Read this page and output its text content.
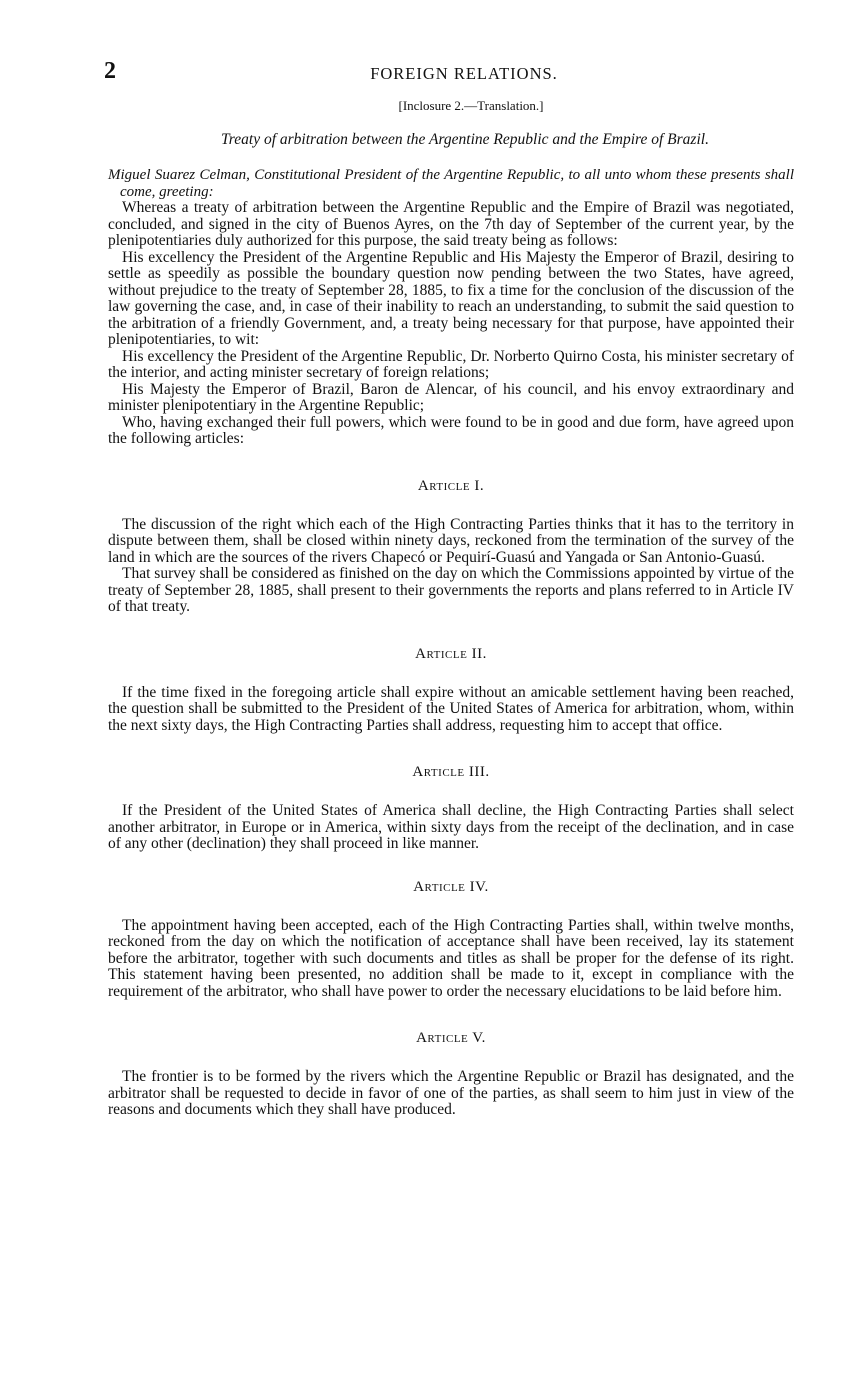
2	FOREIGN RELATIONS.
[Inclosure 2.—Translation.]
Treaty of arbitration between the Argentine Republic and the Empire of Brazil.
Miguel Suarez Celman, Constitutional President of the Argentine Republic, to all unto whom these presents shall come, greeting:

Whereas a treaty of arbitration between the Argentine Republic and the Empire of Brazil was negotiated, concluded, and signed in the city of Buenos Ayres, on the 7th day of September of the current year, by the plenipotentiaries duly authorized for this purpose, the said treaty being as follows:

His excellency the President of the Argentine Republic and His Majesty the Emperor of Brazil, desiring to settle as speedily as possible the boundary question now pending between the two States, have agreed, without prejudice to the treaty of September 28, 1885, to fix a time for the conclusion of the discussion of the law governing the case, and, in case of their inability to reach an understanding, to submit the said question to the arbitration of a friendly Government, and, a treaty being necessary for that purpose, have appointed their plenipotentiaries, to wit:

His excellency the President of the Argentine Republic, Dr. Norberto Quirno Costa, his minister secretary of the interior, and acting minister secretary of foreign relations;

His Majesty the Emperor of Brazil, Baron de Alencar, of his council, and his envoy extraordinary and minister plenipotentiary in the Argentine Republic;

Who, having exchanged their full powers, which were found to be in good and due form, have agreed upon the following articles:

Article I.

The discussion of the right which each of the High Contracting Parties thinks that it has to the territory in dispute between them, shall be closed within ninety days, reckoned from the termination of the survey of the land in which are the sources of the rivers Chapecó or Pequirí-Guasú and Yangada or San Antonio-Guasú.

That survey shall be considered as finished on the day on which the Commissions appointed by virtue of the treaty of September 28, 1885, shall present to their governments the reports and plans referred to in Article IV of that treaty.

Article II.

If the time fixed in the foregoing article shall expire without an amicable settlement having been reached, the question shall be submitted to the President of the United States of America for arbitration, whom, within the next sixty days, the High Contracting Parties shall address, requesting him to accept that office.

Article III.

If the President of the United States of America shall decline, the High Contracting Parties shall select another arbitrator, in Europe or in America, within sixty days from the receipt of the declination, and in case of any other (declination) they shall proceed in like manner.

Article IV.

The appointment having been accepted, each of the High Contracting Parties shall, within twelve months, reckoned from the day on which the notification of acceptance shall have been received, lay its statement before the arbitrator, together with such documents and titles as shall be proper for the defense of its right. This statement having been presented, no addition shall be made to it, except in compliance with the requirement of the arbitrator, who shall have power to order the necessary elucidations to be laid before him.

Article V.

The frontier is to be formed by the rivers which the Argentine Republic or Brazil has designated, and the arbitrator shall be requested to decide in favor of one of the parties, as shall seem to him just in view of the reasons and documents which they shall have produced.
